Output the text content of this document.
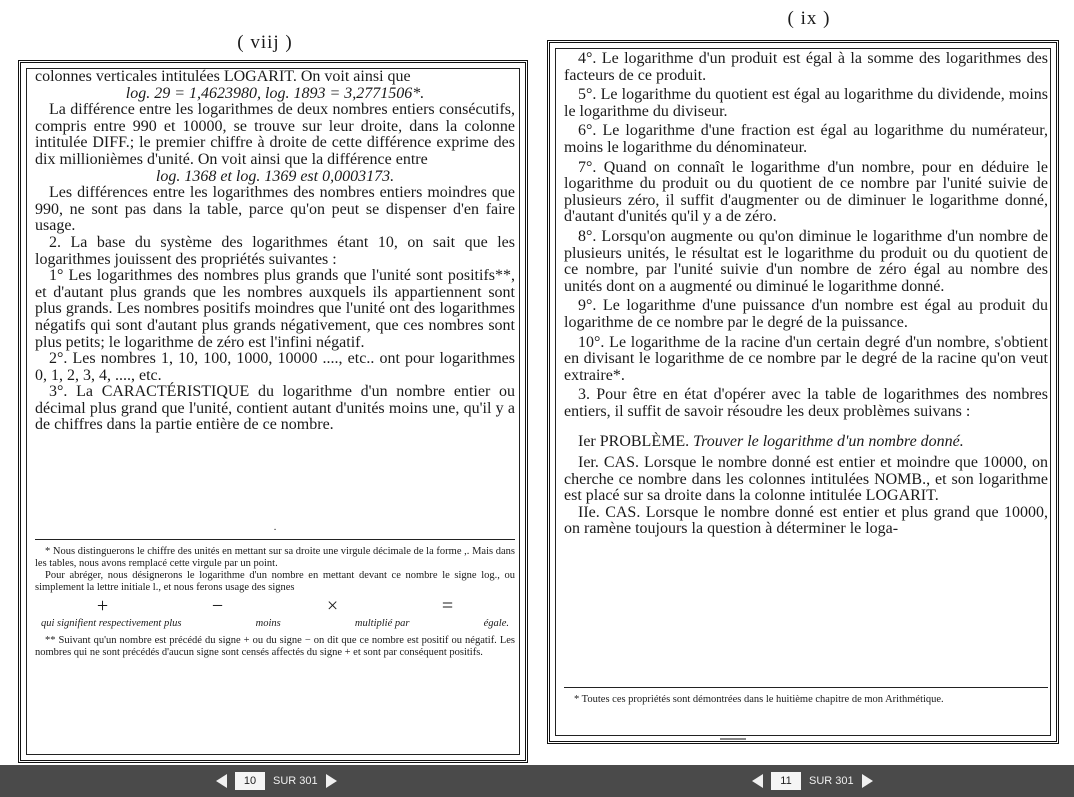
( viij )

colonnes verticales intitulées LOGARIT. On voit ainsi que

log. 29 = 1,4623980, log. 1893 = 3,2771506*.

La différence entre les logarithmes de deux nombres entiers consécutifs, compris entre 990 et 10000, se trouve sur leur droite, dans la colonne intitulée DIFF.; le premier chiffre à droite de cette différence exprime des dix millionièmes d'unité. On voit ainsi que la différence entre

log. 1368 et log. 1369 est 0,0003173.

Les différences entre les logarithmes des nombres entiers moindres que 990, ne sont pas dans la table, parce qu'on peut se dispenser d'en faire usage.

2. La base du système des logarithmes étant 10, on sait que les logarithmes jouissent des propriétés suivantes :

1° Les logarithmes des nombres plus grands que l'unité sont positifs**, et d'autant plus grands que les nombres auxquels ils appartiennent sont plus grands. Les nombres positifs moindres que l'unité ont des logarithmes négatifs qui sont d'autant plus grands négativement, que ces nombres sont plus petits; le logarithme de zéro est l'infini négatif.

2°. Les nombres 1, 10, 100, 1000, 10000 ...., etc.. ont pour logarithmes 0, 1, 2, 3, 4, ...., etc.

3°. La CARACTÉRISTIQUE du logarithme d'un nombre entier ou décimal plus grand que l'unité, contient autant d'unités moins une, qu'il y a de chiffres dans la partie entière de ce nombre.

·

* Nous distinguerons le chiffre des unités en mettant sur sa droite une virgule décimale de la forme ,. Mais dans les tables, nous avons remplacé cette virgule par un point.

Pour abréger, nous désignerons le logarithme d'un nombre en mettant devant ce nombre le signe log., ou simplement la lettre initiale l., et nous ferons usage des signes

+	−	×	=
qui signifient respectivement plus	moins	multiplié par	égale.

** Suivant qu'un nombre est précédé du signe + ou du signe − on dit que ce nombre est positif ou négatif. Les nombres qui ne sont précédés d'aucun signe sont censés affectés du signe + et sont par conséquent positifs.

( ix )

4°. Le logarithme d'un produit est égal à la somme des logarithmes des facteurs de ce produit.

5°. Le logarithme du quotient est égal au logarithme du dividende, moins le logarithme du diviseur.

6°. Le logarithme d'une fraction est égal au logarithme du numérateur, moins le logarithme du dénominateur.

7°. Quand on connaît le logarithme d'un nombre, pour en déduire le logarithme du produit ou du quotient de ce nombre par l'unité suivie de plusieurs zéro, il suffit d'augmenter ou de diminuer le logarithme donné, d'autant d'unités qu'il y a de zéro.

8°. Lorsqu'on augmente ou qu'on diminue le logarithme d'un nombre de plusieurs unités, le résultat est le logarithme du produit ou du quotient de ce nombre, par l'unité suivie d'un nombre de zéro égal au nombre des unités dont on a augmenté ou diminué le logarithme donné.

9°. Le logarithme d'une puissance d'un nombre est égal au produit du logarithme de ce nombre par le degré de la puissance.

10°. Le logarithme de la racine d'un certain degré d'un nombre, s'obtient en divisant le logarithme de ce nombre par le degré de la racine qu'on veut extraire*.

3. Pour être en état d'opérer avec la table de logarithmes des nombres entiers, il suffit de savoir résoudre les deux problèmes suivans :

Ier PROBLÈME. Trouver le logarithme d'un nombre donné.

Ier. CAS. Lorsque le nombre donné est entier et moindre que 10000, on cherche ce nombre dans les colonnes intitulées NOMB., et son logarithme est placé sur sa droite dans la colonne intitulée LOGARIT.

IIe. CAS. Lorsque le nombre donné est entier et plus grand que 10000, on ramène toujours la question à déterminer le loga-

* Toutes ces propriétés sont démontrées dans le huitième chapitre de mon Arithmétique.

10
SUR 301
11	SUR 301
